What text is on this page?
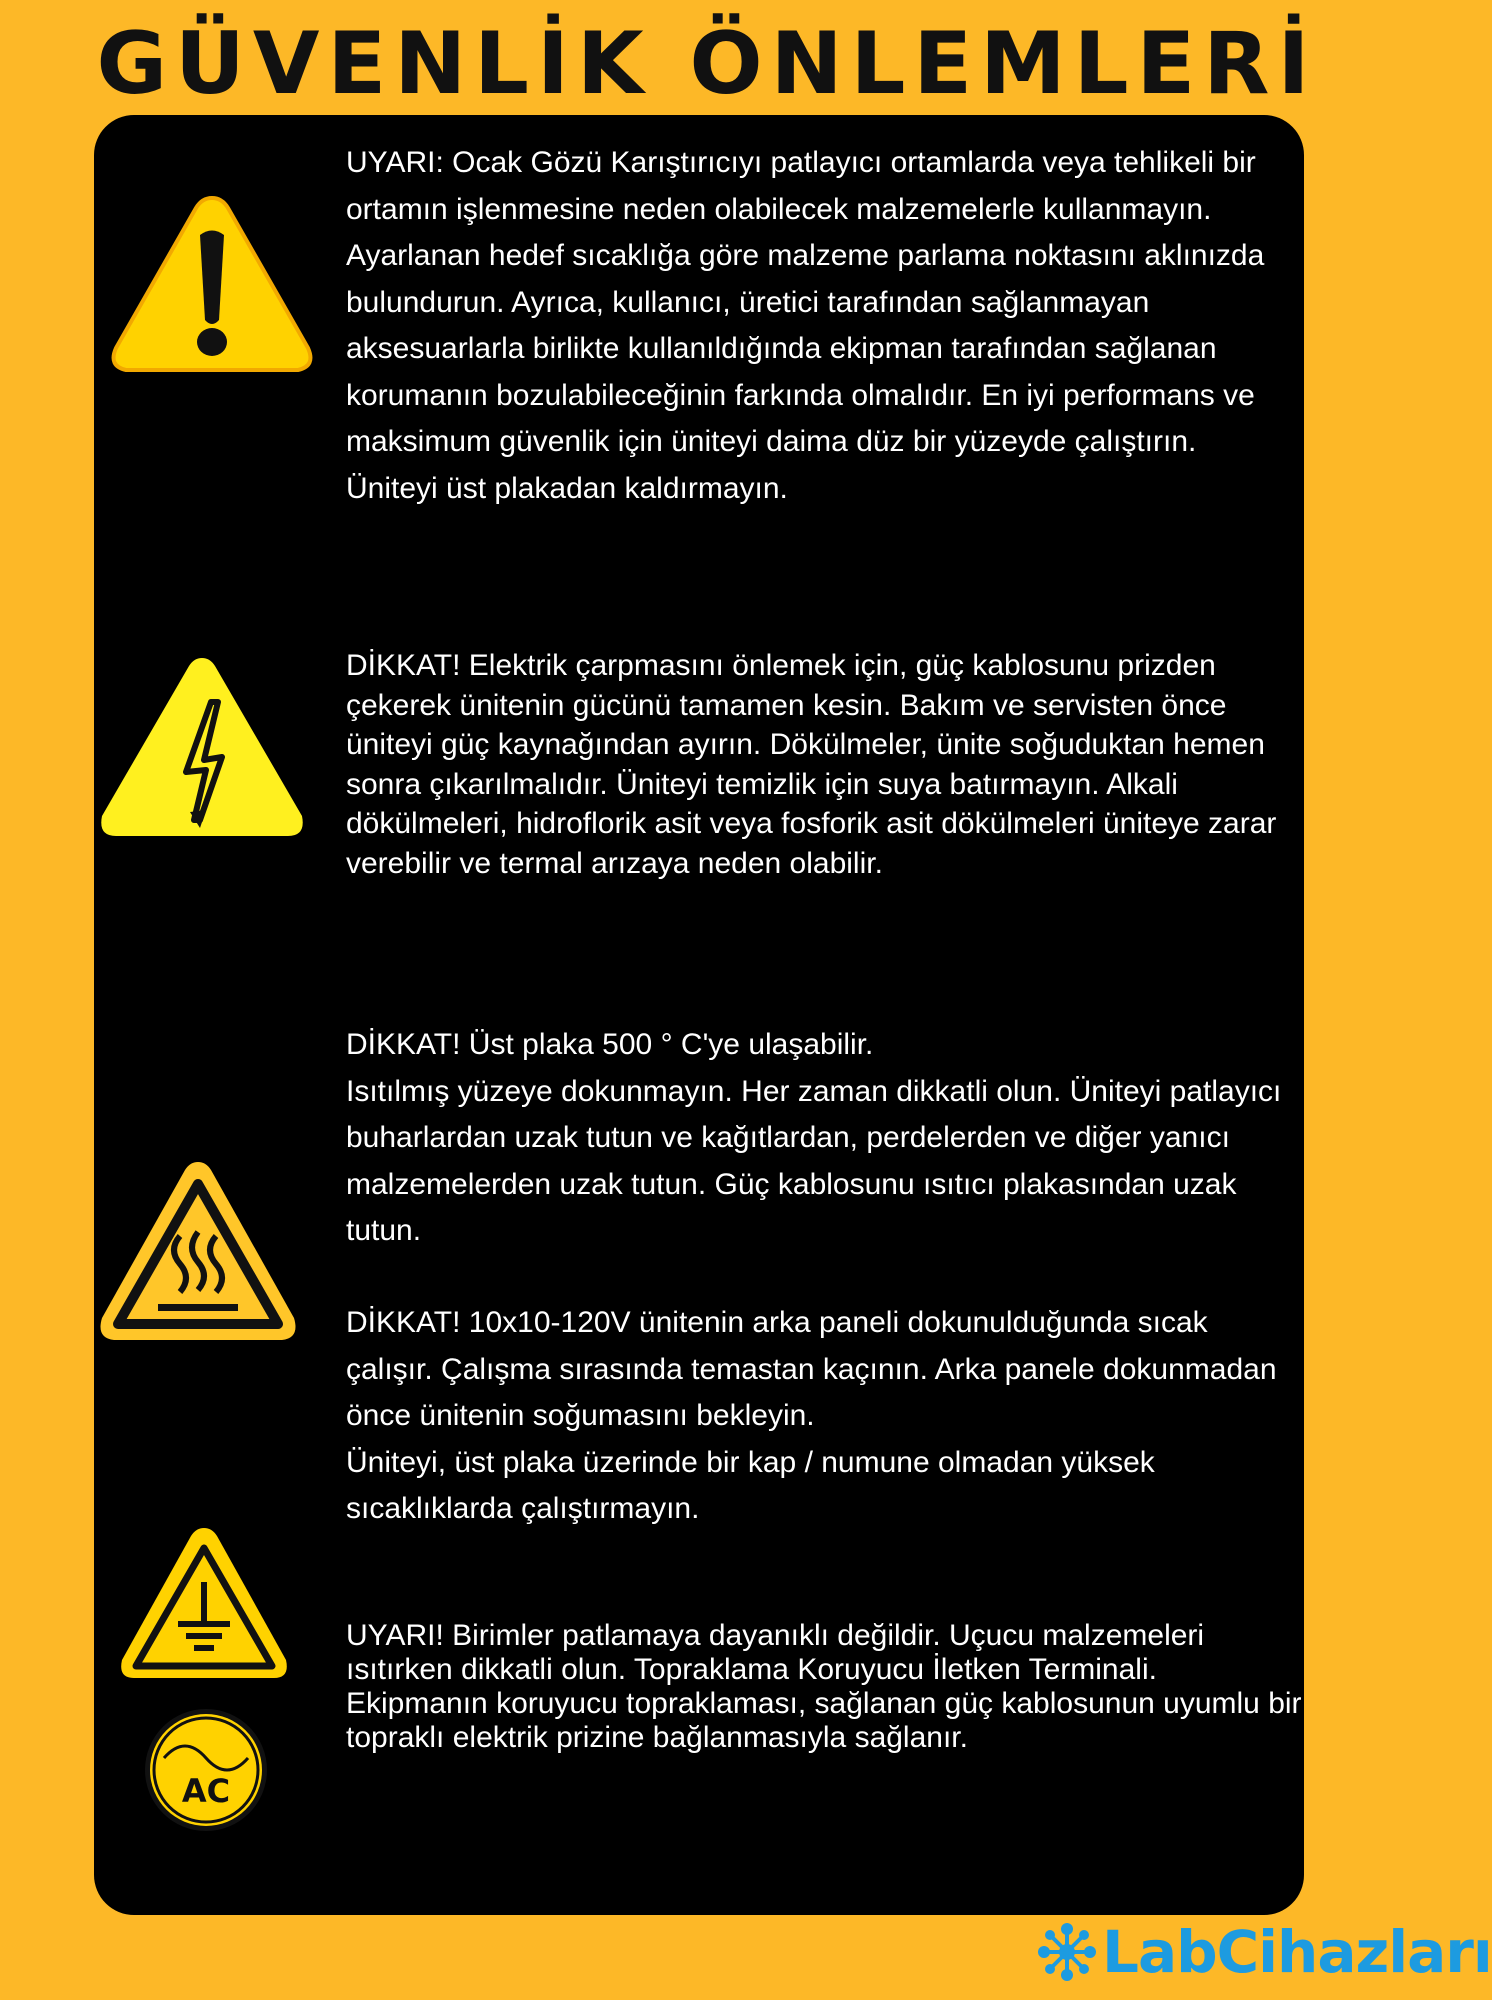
GÜVENLİK ÖNLEMLERİ
AC

UYARI: Ocak Gözü Karıştırıcıyı patlayıcı ortamlarda veya tehlikeli bir ortamın işlenmesine neden olabilecek malzemelerle kullanmayın. Ayarlanan hedef sıcaklığa göre malzeme parlama noktasını aklınızda bulundurun. Ayrıca, kullanıcı, üretici tarafından sağlanmayan aksesuarlarla birlikte kullanıldığında ekipman tarafından sağlanan korumanın bozulabileceğinin farkında olmalıdır. En iyi performans ve maksimum güvenlik için üniteyi daima düz bir yüzeyde çalıştırın.

Üniteyi üst plakadan kaldırmayın.

DİKKAT! Elektrik çarpmasını önlemek için, güç kablosunu prizden çekerek ünitenin gücünü tamamen kesin. Bakım ve servisten önce üniteyi güç kaynağından ayırın. Dökülmeler, ünite soğuduktan hemen sonra çıkarılmalıdır. Üniteyi temizlik için suya batırmayın. Alkali dökülmeleri, hidroflorik asit veya fosforik asit dökülmeleri üniteye zarar verebilir ve termal arızaya neden olabilir.

DİKKAT! Üst plaka 500 ° C'ye ulaşabilir.

Isıtılmış yüzeye dokunmayın. Her zaman dikkatli olun. Üniteyi patlayıcı buharlardan uzak tutun ve kağıtlardan, perdelerden ve diğer yanıcı malzemelerden uzak tutun. Güç kablosunu ısıtıcı plakasından uzak tutun.

DİKKAT! 10x10-120V ünitenin arka paneli dokunulduğunda sıcak çalışır. Çalışma sırasında temastan kaçının. Arka panele dokunmadan önce ünitenin soğumasını bekleyin.

Üniteyi, üst plaka üzerinde bir kap / numune olmadan yüksek sıcaklıklarda çalıştırmayın.

UYARI! Birimler patlamaya dayanıklı değildir. Uçucu malzemeleri ısıtırken dikkatli olun. Topraklama Koruyucu İletken Terminali. Ekipmanın koruyucu topraklaması, sağlanan güç kablosunun uyumlu bir topraklı elektrik prizine bağlanmasıyla sağlanır.

LabCihazları
